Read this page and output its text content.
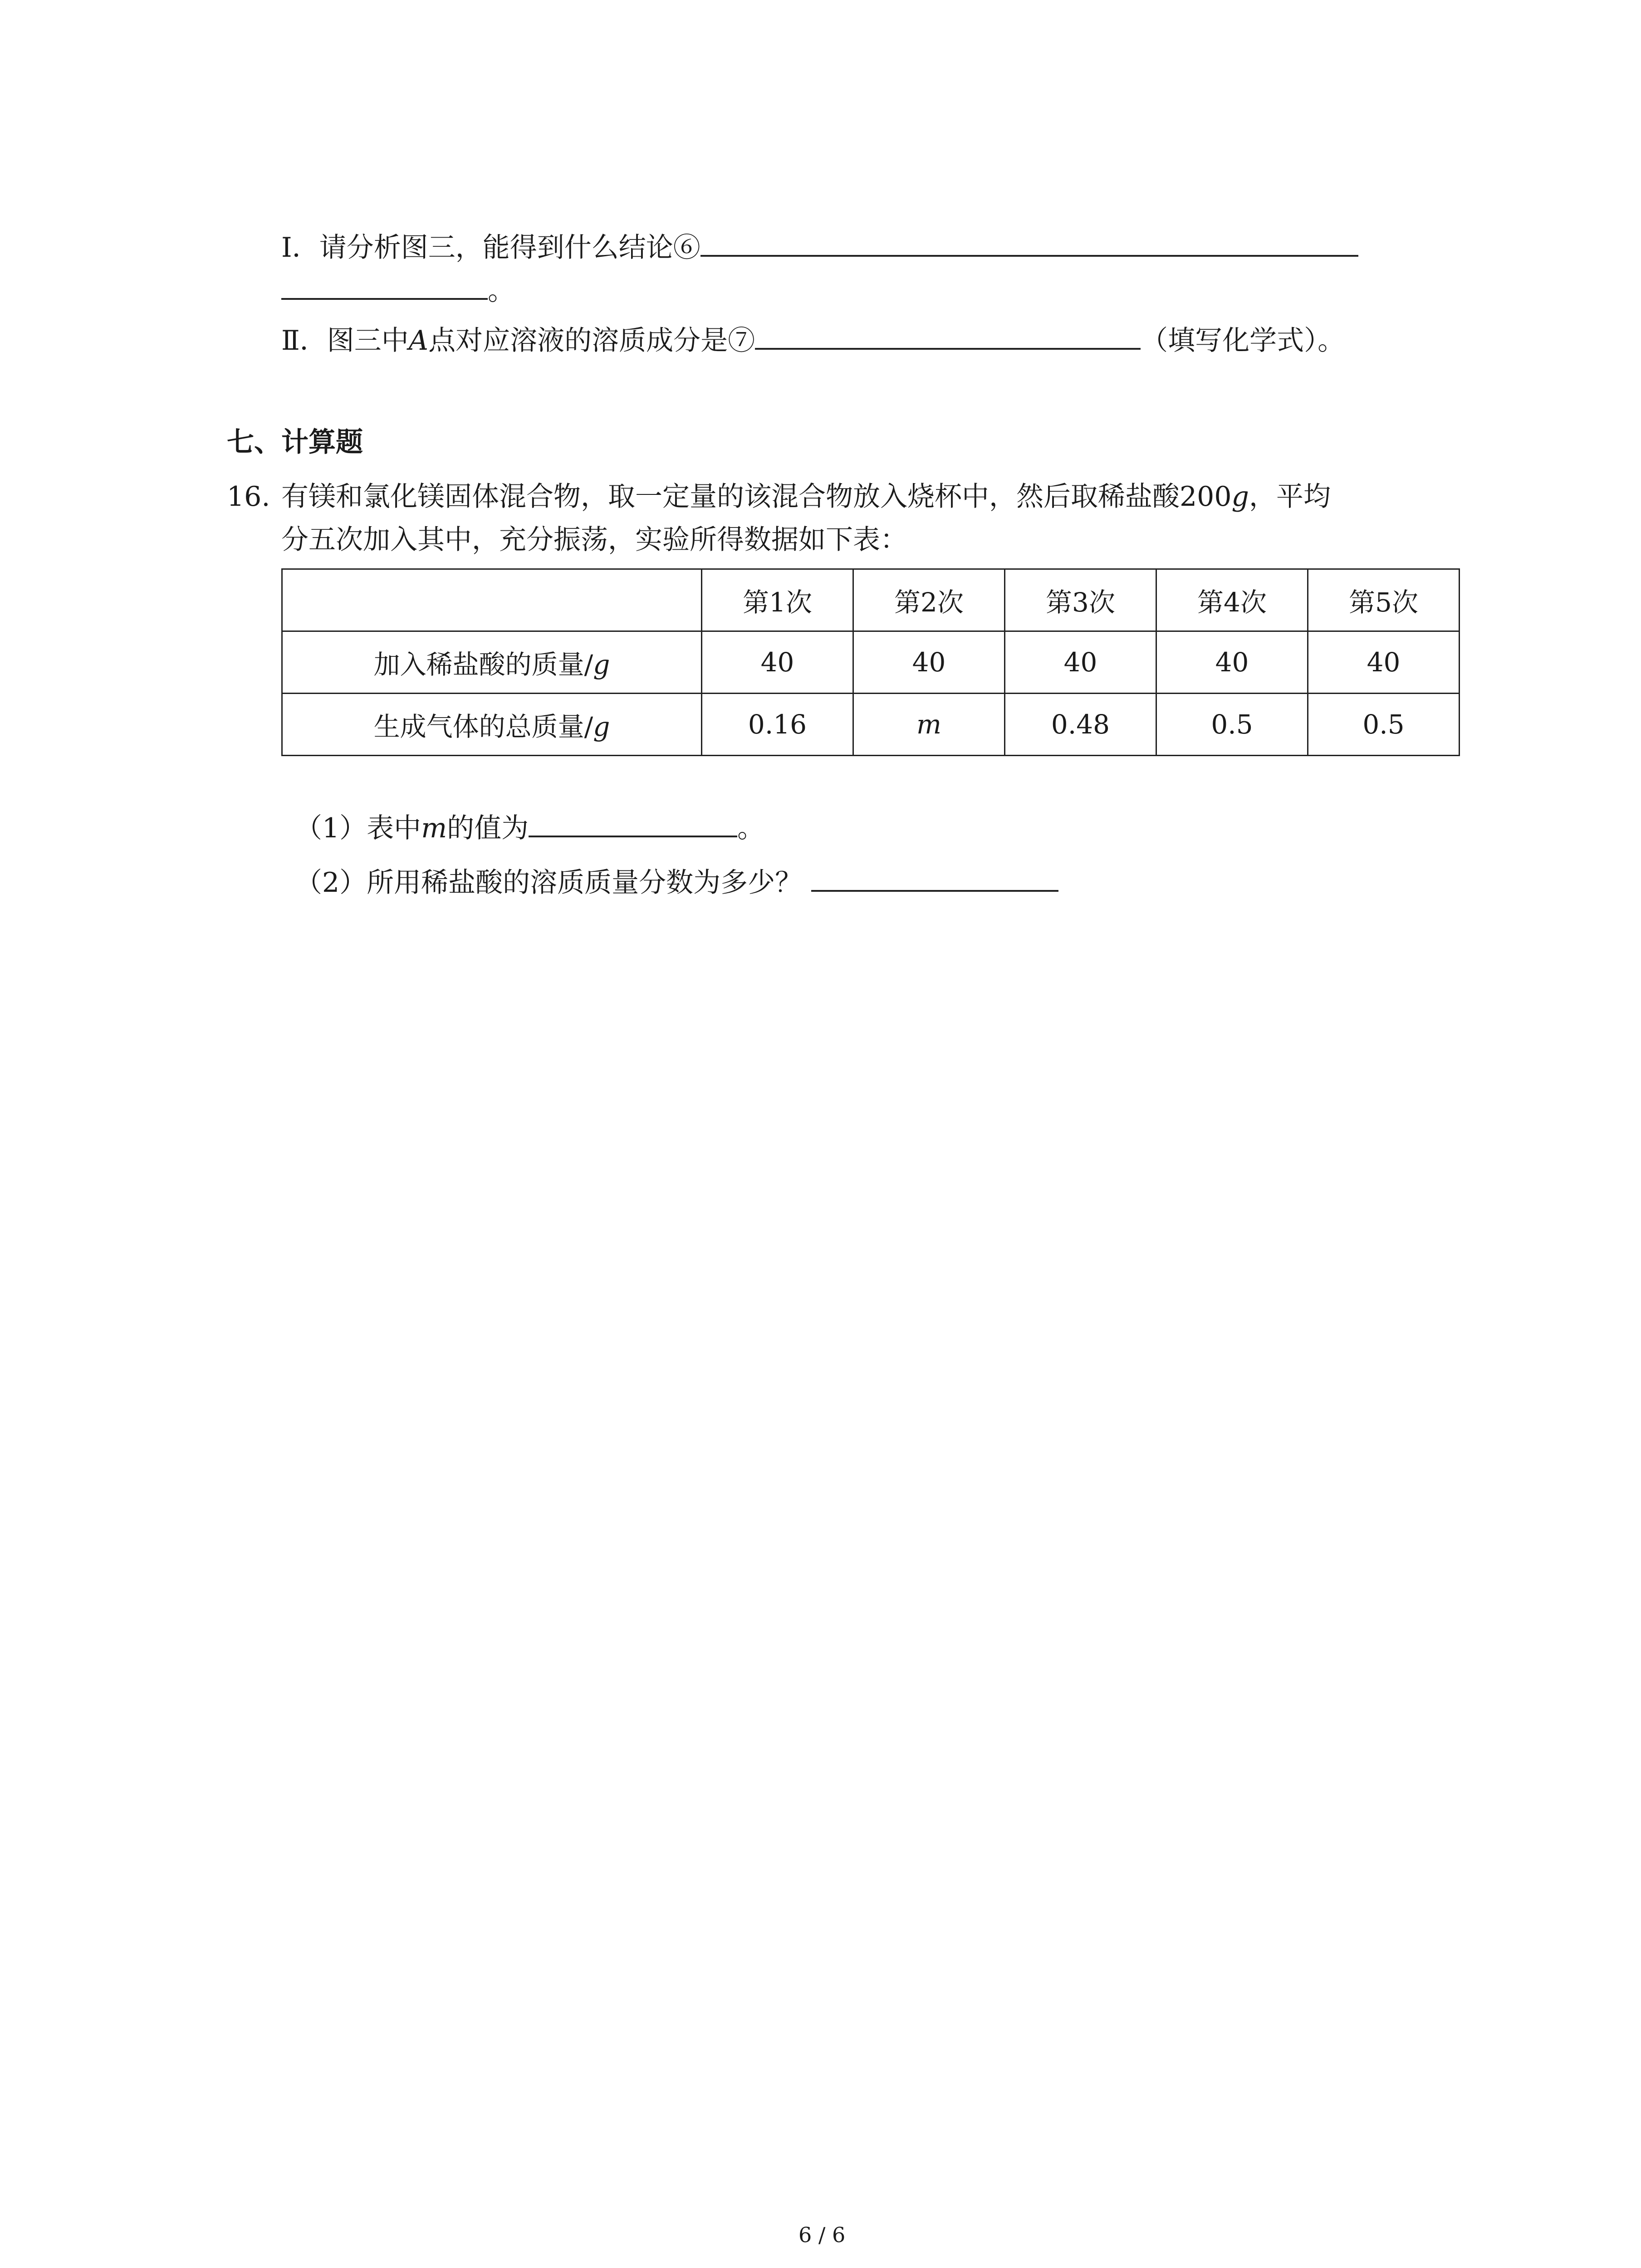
Ⅰ．请分析图三，能得到什么结论⑥
。
Ⅱ．图三中A点对应溶液的溶质成分是⑦	（填写化学式）。
七、计算题
16. 有镁和氯化镁固体混合物，取一定量的该混合物放入烧杯中，然后取稀盐酸200g，平均
分五次加入其中，充分振荡，实验所得数据如下表：
	第1次	第2次	第3次	第4次	第5次
加入稀盐酸的质量/g	40	40	40	40	40
生成气体的总质量/g	0.16	m	0.48	0.5	0.5
（1）表中m的值为	。
（2）所用稀盐酸的溶质质量分数为多少？
6 / 6
